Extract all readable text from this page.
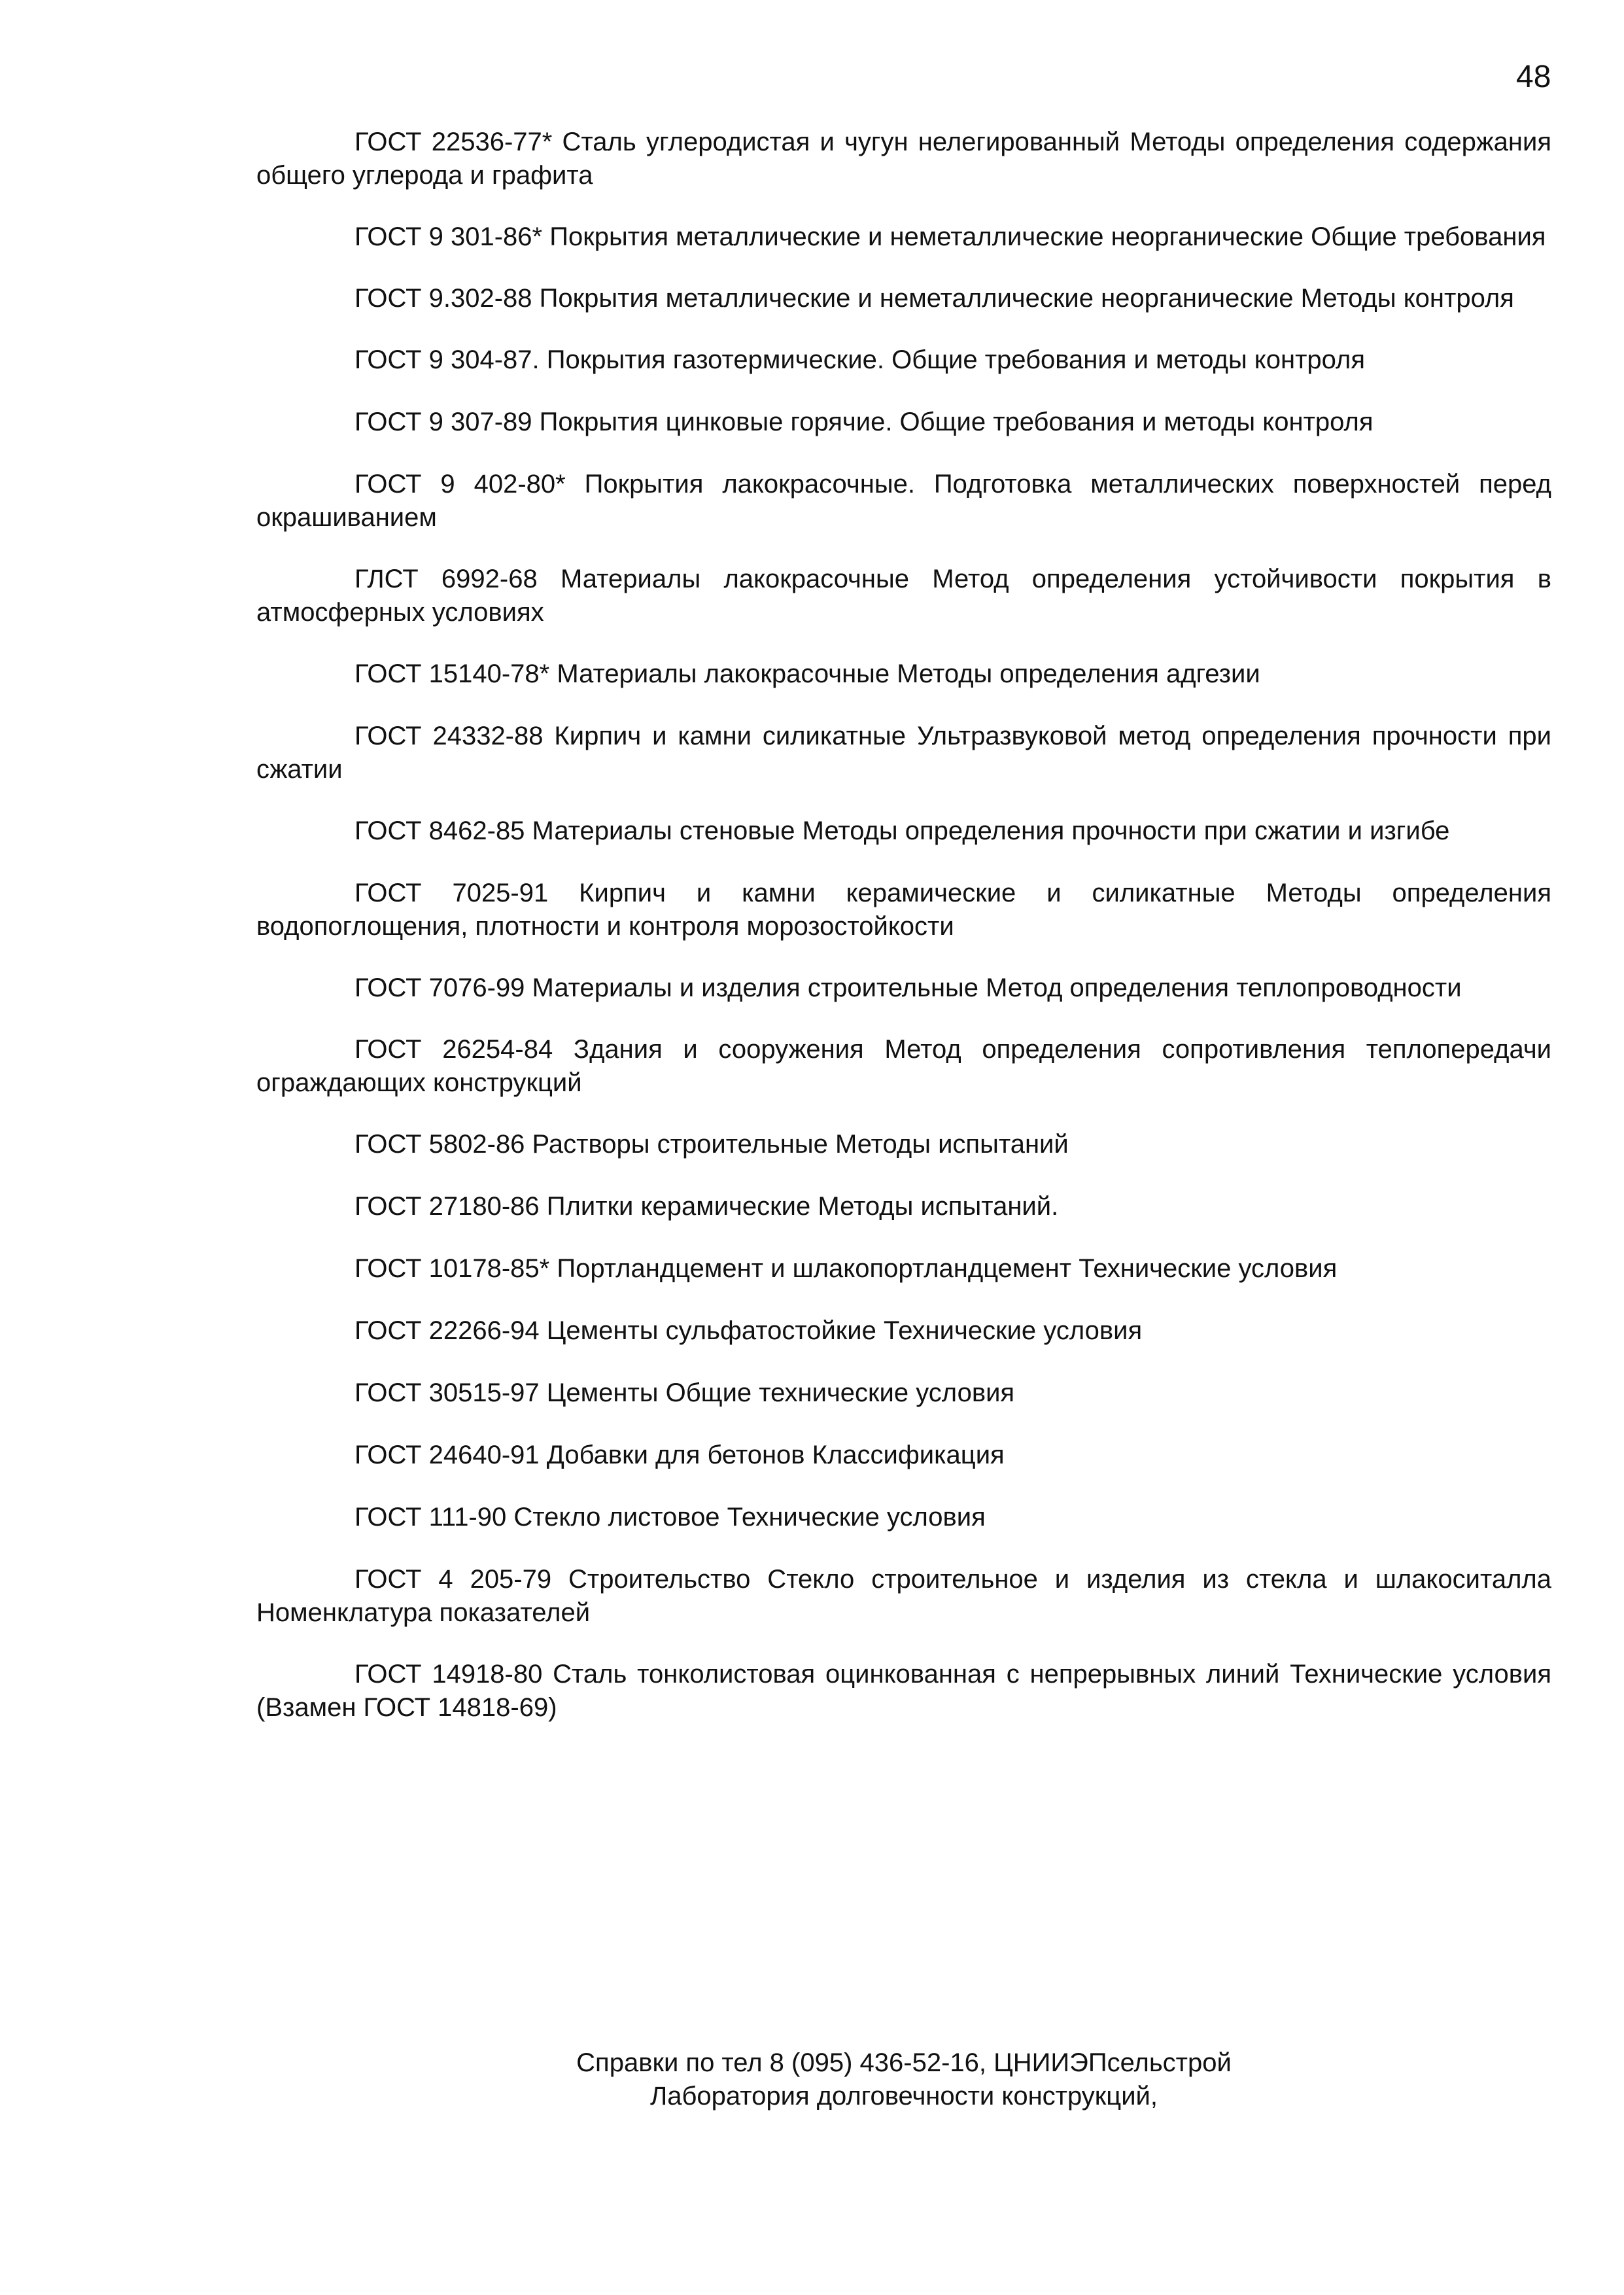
48

ГОСТ 22536-77* Сталь углеродистая и чугун нелегированный Методы определения содержания общего углерода и графита

ГОСТ 9 301-86* Покрытия металлические и неметаллические неорганические Общие требования

ГОСТ 9.302-88 Покрытия металлические и неметаллические неорганические Методы контроля

ГОСТ 9 304-87. Покрытия газотермические. Общие требования и методы контроля

ГОСТ 9 307-89 Покрытия цинковые горячие. Общие требования и методы контроля

ГОСТ 9 402-80* Покрытия лакокрасочные. Подготовка металлических поверхностей перед окрашиванием

ГЛСТ 6992-68 Материалы лакокрасочные Метод определения устойчивости покрытия в атмосферных условиях

ГОСТ 15140-78* Материалы лакокрасочные Методы определения адгезии

ГОСТ 24332-88 Кирпич и камни силикатные Ультразвуковой метод определения прочности при сжатии

ГОСТ 8462-85 Материалы стеновые Методы определения прочности при сжатии и изгибе

ГОСТ 7025-91 Кирпич и камни керамические и силикатные Методы определения водопоглощения, плотности и контроля морозостойкости

ГОСТ 7076-99 Материалы и изделия строительные Метод определения теплопроводности

ГОСТ 26254-84 Здания и сооружения Метод определения сопротивления теплопередачи ограждающих конструкций

ГОСТ 5802-86 Растворы строительные Методы испытаний

ГОСТ 27180-86 Плитки керамические Методы испытаний.

ГОСТ 10178-85* Портландцемент и шлакопортландцемент Технические условия

ГОСТ 22266-94 Цементы сульфатостойкие Технические условия

ГОСТ 30515-97 Цементы Общие технические условия

ГОСТ 24640-91 Добавки для бетонов Классификация

ГОСТ 111-90 Стекло листовое Технические условия

ГОСТ 4 205-79 Строительство Стекло строительное и изделия из стекла и шлакоситалла Номенклатура показателей

ГОСТ 14918-80 Сталь тонколистовая оцинкованная с непрерывных линий Технические условия (Взамен ГОСТ 14818-69)

Справки по тел 8 (095) 436-52-16, ЦНИИЭПсельстрой
Лаборатория долговечности конструкций,
